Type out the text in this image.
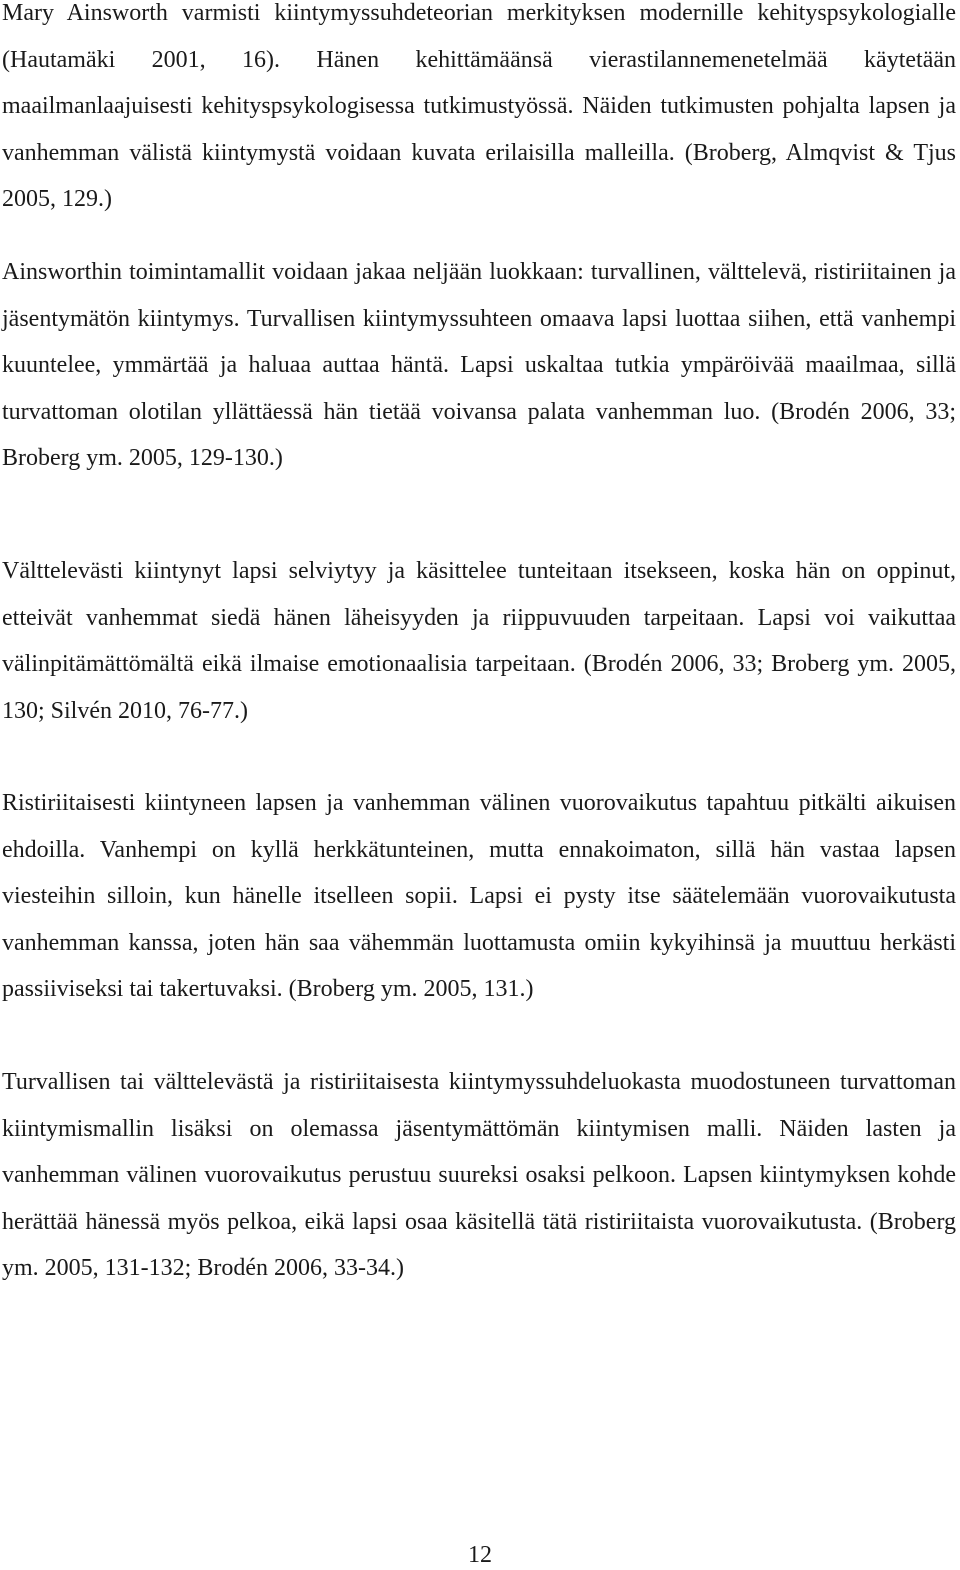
Mary Ainsworth varmisti kiintymyssuhdeteorian merkityksen modernille kehityspsykologialle (Hautamäki 2001, 16). Hänen kehittämäänsä vierastilannemenetelmää käytetään maailmanlaajuisesti kehityspsykologisessa tutkimustyössä. Näiden tutkimusten pohjalta lapsen ja vanhemman välistä kiintymystä voidaan kuvata erilaisilla malleilla. (Broberg, Almqvist & Tjus 2005, 129.)

Ainsworthin toimintamallit voidaan jakaa neljään luokkaan: turvallinen, välttelevä, ristiriitainen ja jäsentymätön kiintymys. Turvallisen kiintymyssuhteen omaava lapsi luottaa siihen, että vanhempi kuuntelee, ymmärtää ja haluaa auttaa häntä. Lapsi uskaltaa tutkia ympäröivää maailmaa, sillä turvattoman olotilan yllättäessä hän tietää voivansa palata vanhemman luo. (Brodén 2006, 33; Broberg ym. 2005, 129-130.)

Välttelevästi kiintynyt lapsi selviytyy ja käsittelee tunteitaan itsekseen, koska hän on oppinut, etteivät vanhemmat siedä hänen läheisyyden ja riippuvuuden tarpeitaan. Lapsi voi vaikuttaa välinpitämättömältä eikä ilmaise emotionaalisia tarpeitaan. (Brodén 2006, 33; Broberg ym. 2005, 130; Silvén 2010, 76-77.)

Ristiriitaisesti kiintyneen lapsen ja vanhemman välinen vuorovaikutus tapahtuu pitkälti aikuisen ehdoilla. Vanhempi on kyllä herkkätunteinen, mutta ennakoimaton, sillä hän vastaa lapsen viesteihin silloin, kun hänelle itselleen sopii. Lapsi ei pysty itse säätelemään vuorovaikutusta vanhemman kanssa, joten hän saa vähemmän luottamusta omiin kykyihinsä ja muuttuu herkästi passiiviseksi tai takertuvaksi. (Broberg ym. 2005, 131.)

Turvallisen tai välttelevästä ja ristiriitaisesta kiintymyssuhdeluokasta muodostuneen turvattoman kiintymismallin lisäksi on olemassa jäsentymättömän kiintymisen malli. Näiden lasten ja vanhemman välinen vuorovaikutus perustuu suureksi osaksi pelkoon. Lapsen kiintymyksen kohde herättää hänessä myös pelkoa, eikä lapsi osaa käsitellä tätä ristiriitaista vuorovaikutusta. (Broberg ym. 2005, 131-132; Brodén 2006, 33-34.)

12
